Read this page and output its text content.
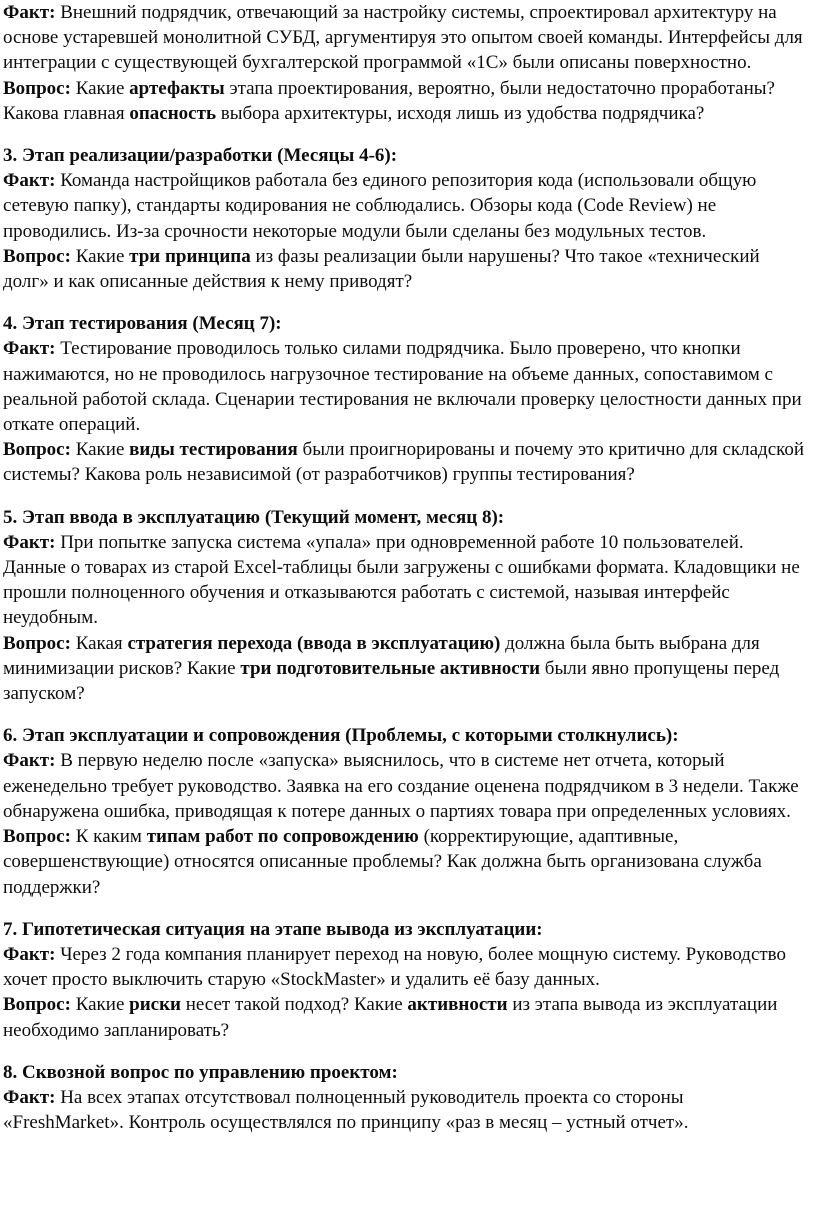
Факт: Внешний подрядчик, отвечающий за настройку системы, спроектировал архитектуру на основе устаревшей монолитной СУБД, аргументируя это опытом своей команды. Интерфейсы для интеграции с существующей бухгалтерской программой «1С» были описаны поверхностно.

Вопрос: Какие артефакты этапа проектирования, вероятно, были недостаточно проработаны? Какова главная опасность выбора архитектуры, исходя лишь из удобства подрядчика?

3. Этап реализации/разработки (Месяцы 4-6):

Факт: Команда настройщиков работала без единого репозитория кода (использовали общую сетевую папку), стандарты кодирования не соблюдались. Обзоры кода (Code Review) не проводились. Из-за срочности некоторые модули были сделаны без модульных тестов.

Вопрос: Какие три принципа из фазы реализации были нарушены? Что такое «технический долг» и как описанные действия к нему приводят?

4. Этап тестирования (Месяц 7):

Факт: Тестирование проводилось только силами подрядчика. Было проверено, что кнопки нажимаются, но не проводилось нагрузочное тестирование на объеме данных, сопоставимом с реальной работой склада. Сценарии тестирования не включали проверку целостности данных при откате операций.

Вопрос: Какие виды тестирования были проигнорированы и почему это критично для складской системы? Какова роль независимой (от разработчиков) группы тестирования?

5. Этап ввода в эксплуатацию (Текущий момент, месяц 8):

Факт: При попытке запуска система «упала» при одновременной работе 10 пользователей. Данные о товарах из старой Excel-таблицы были загружены с ошибками формата. Кладовщики не прошли полноценного обучения и отказываются работать с системой, называя интерфейс неудобным.

Вопрос: Какая стратегия перехода (ввода в эксплуатацию) должна была быть выбрана для минимизации рисков? Какие три подготовительные активности были явно пропущены перед запуском?

6. Этап эксплуатации и сопровождения (Проблемы, с которыми столкнулись):

Факт: В первую неделю после «запуска» выяснилось, что в системе нет отчета, который еженедельно требует руководство. Заявка на его создание оценена подрядчиком в 3 недели. Также обнаружена ошибка, приводящая к потере данных о партиях товара при определенных условиях.

Вопрос: К каким типам работ по сопровождению (корректирующие, адаптивные, совершенствующие) относятся описанные проблемы? Как должна быть организована служба поддержки?

7. Гипотетическая ситуация на этапе вывода из эксплуатации:

Факт: Через 2 года компания планирует переход на новую, более мощную систему. Руководство хочет просто выключить старую «StockMaster» и удалить её базу данных.

Вопрос: Какие риски несет такой подход? Какие активности из этапа вывода из эксплуатации необходимо запланировать?

8. Сквозной вопрос по управлению проектом:

Факт: На всех этапах отсутствовал полноценный руководитель проекта со стороны «FreshMarket». Контроль осуществлялся по принципу «раз в месяц – устный отчет».
